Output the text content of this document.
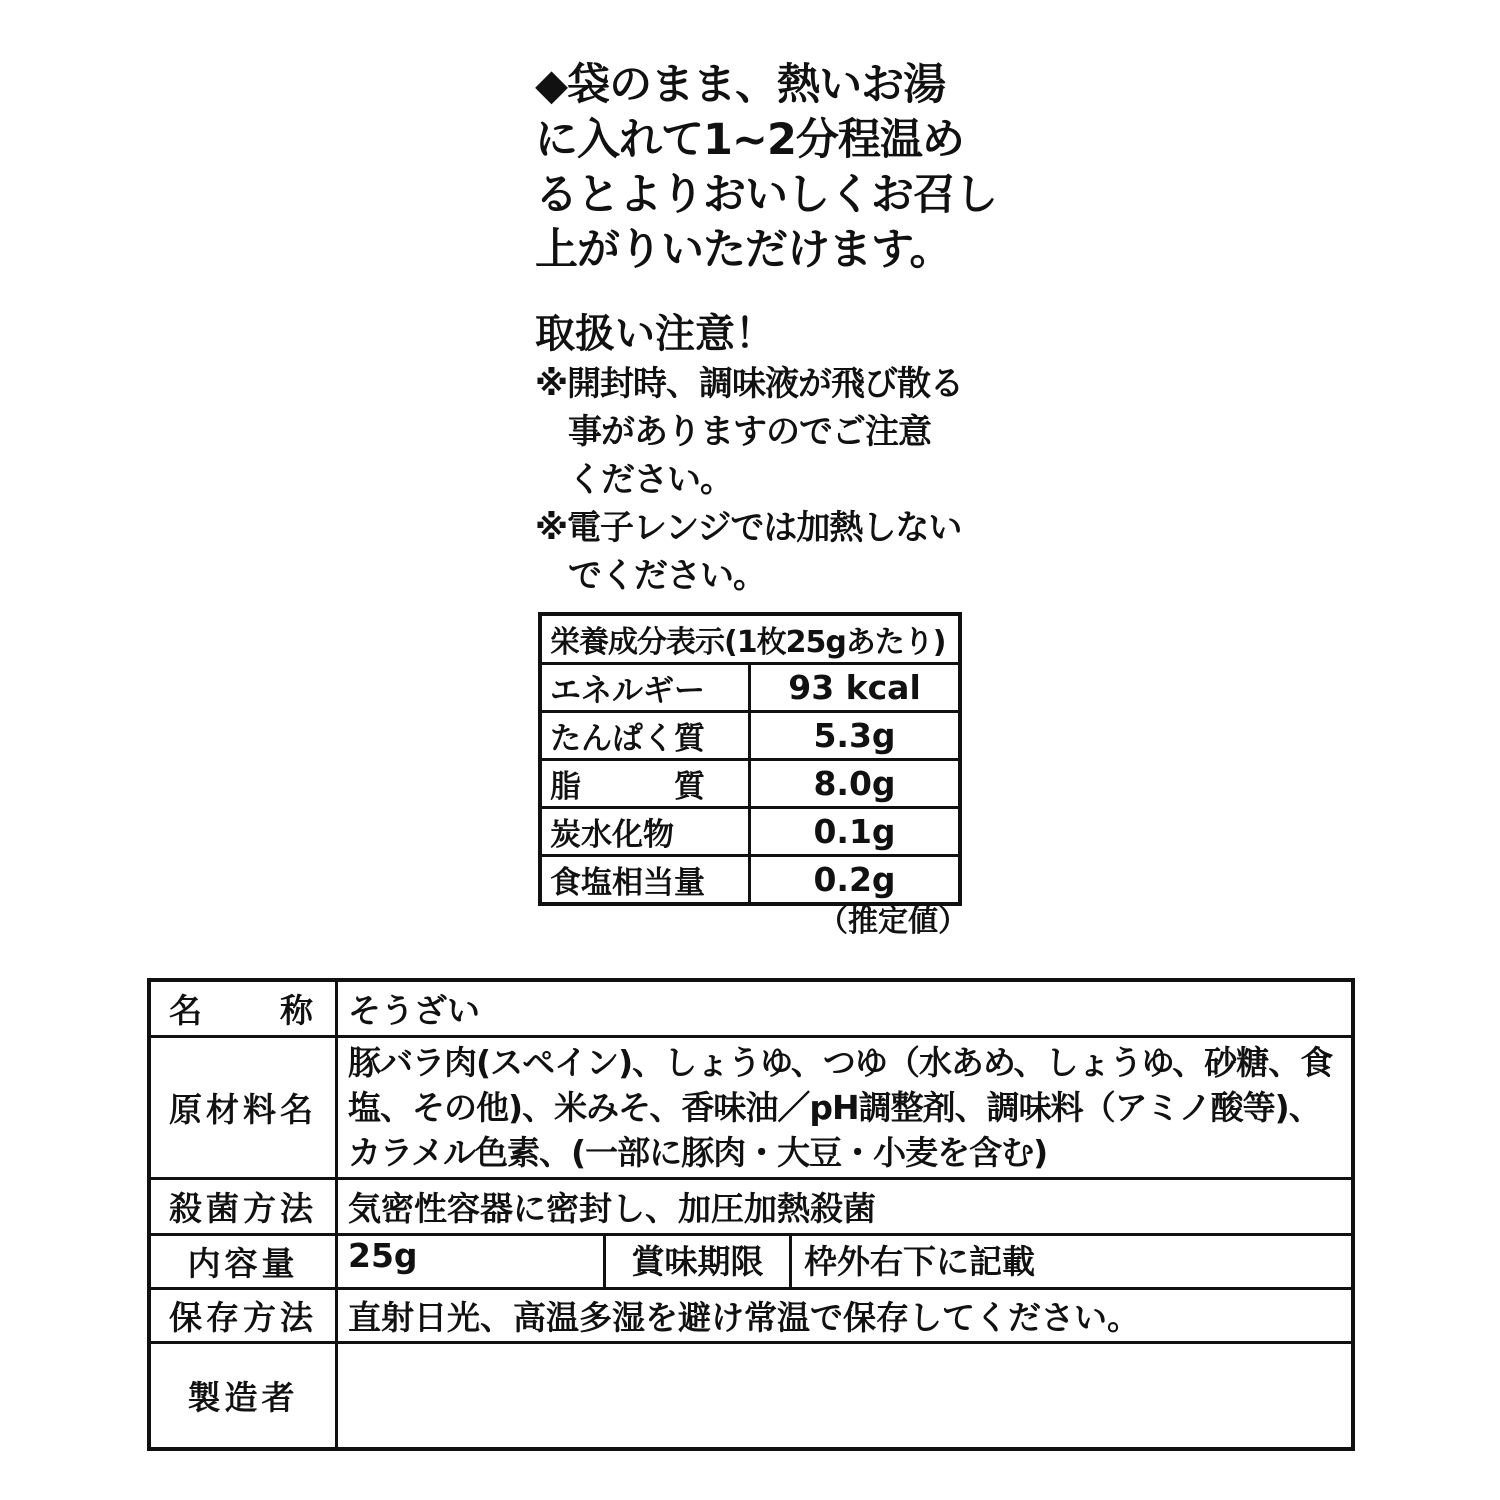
◆袋のまま、熱いお湯
に入れて1~2分程温め
るとよりおいしくお召し
上がりいただけます。
取扱い注意！
※開封時、調味液が飛び散る
事がありますのでご注意
ください。
※電子レンジでは加熱しない
でください。
栄養成分表示(1枚25gあたり)	
エネルギー	93 kcal
たんぱく質	5.3g
脂　　　質	8.0g
炭水化物	0.1g
食塩相当量	0.2g
（推定値）
名　　称	そうざい
原材料名	豚バラ肉(スペイン)、しょうゆ、つゆ（水あめ、しょうゆ、砂糖、食
塩、その他)、米みそ、香味油／pH調整剤、調味料（アミノ酸等)、
カラメル色素、(一部に豚肉・大豆・小麦を含む)

殺菌方法	気密性容器に密封し、加圧加熱殺菌
内容量	25g 賞味期限 枠外右下に記載

保存方法	直射日光、高温多湿を避け常温で保存してください。
製造者	
